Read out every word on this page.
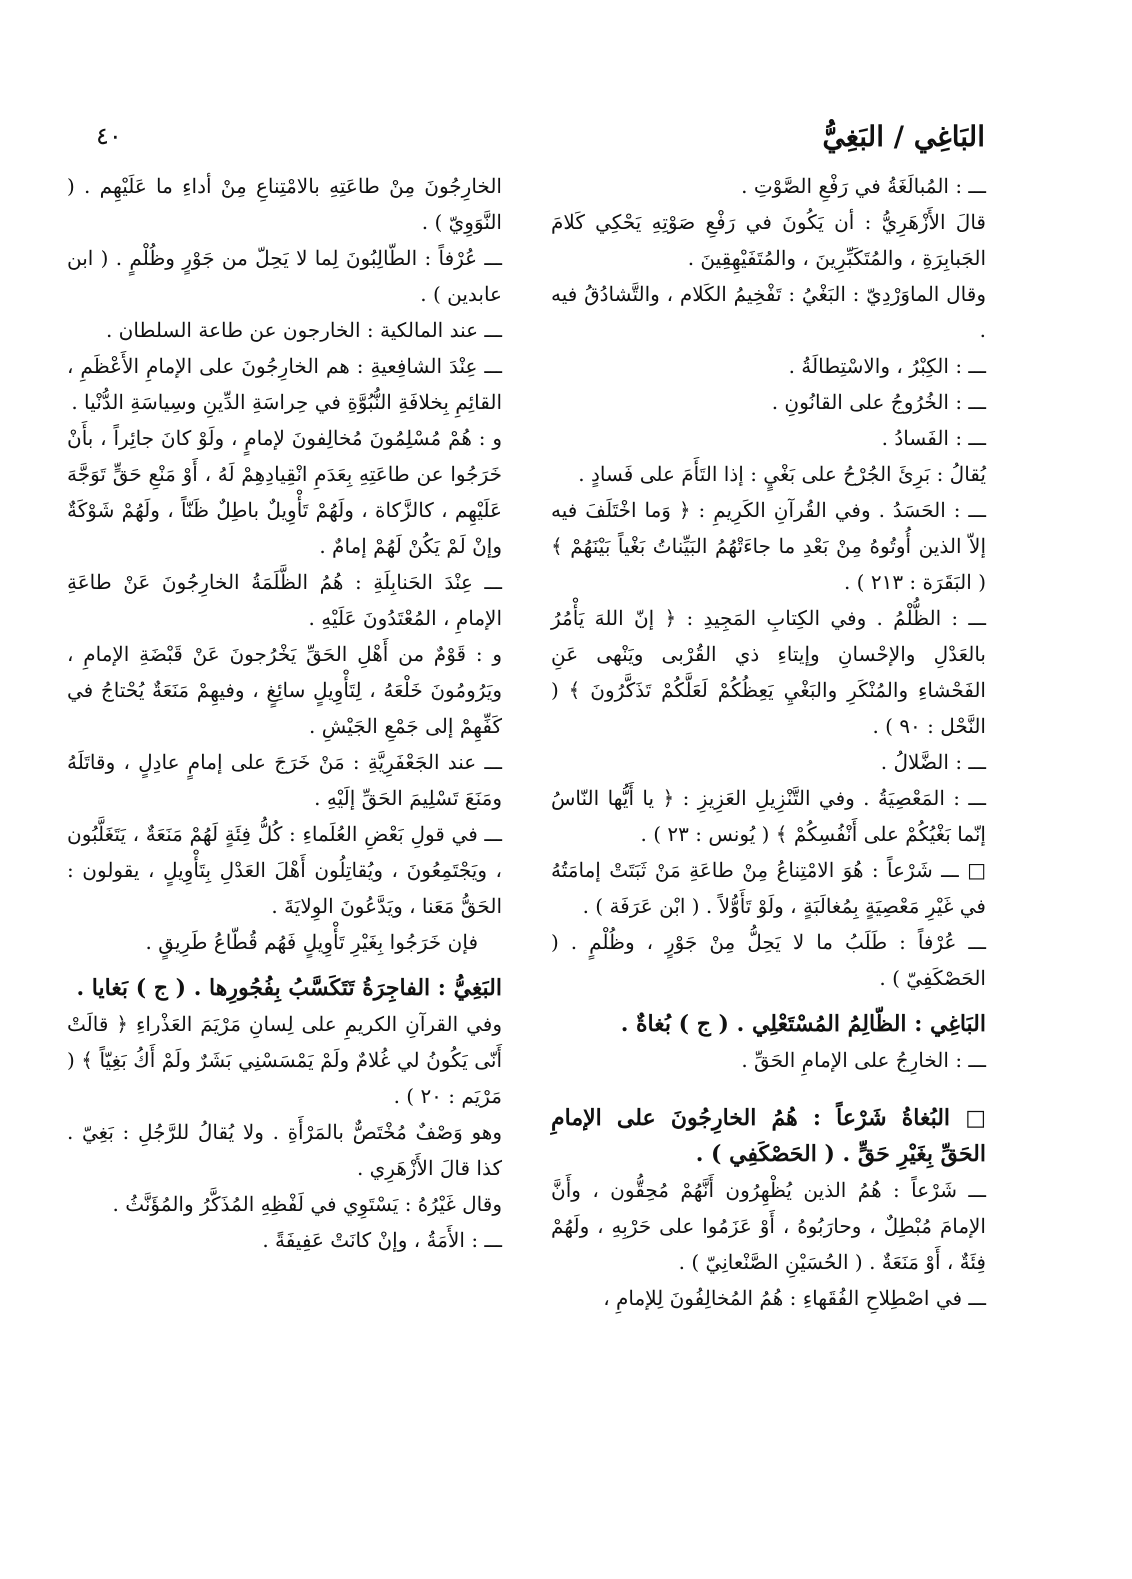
البَاغِي / البَغِيُّ
٤٠

ـــ : المُبالَغَةُ في رَفْعِ الصَّوْتِ .

قالَ الأَزْهَرِيُّ : أن يَكُونَ في رَفْعِ صَوْتِهِ يَحْكِي كَلامَ الجَبابِرَةِ ، والمُتَكَبِّرِينَ ، والمُتَفَيْهِقِينَ .

وقال الماوَرْدِيّ : البَغْيُ : تَفْخِيمُ الكَلام ، والتَّشادُقُ فيه .

ـــ : الكِبْرُ ، والاسْتِطالَةُ .

ـــ : الخُرُوجُ على القانُونِ .

ـــ : الفَسادُ .

يُقالُ : بَرِئَ الجُرْحُ على بَغْيٍ : إذا التَأَمَ على فَسادٍ .

ـــ : الحَسَدُ . وفي القُرآنِ الكَرِيمِ : ﴿ وَما اخْتَلَفَ فيه إلاّ الذين أُوتُوهُ مِنْ بَعْدِ ما جاءَتْهُمُ البَيِّناتُ بَغْياً بَيْنَهُمْ ﴾ ( البَقَرَة : ٢١٣ ) .

ـــ : الظُّلْمُ . وفي الكِتابِ المَجِيدِ : ﴿ إنّ اللهَ يَأْمُرُ بالعَدْلِ والإحْسانِ وإيتاءِ ذي القُرْبى ويَنْهى عَنِ الفَحْشاءِ والمُنْكَرِ والبَغْيِ يَعِظُكُمْ لَعَلَّكُمْ تَذَكَّرُونَ ﴾ ( النَّحْل : ٩٠ ) .

ـــ : الضَّلالُ .

ـــ : المَعْصِيَةُ . وفي التَّنْزِيلِ العَزِيزِ : ﴿ يا أَيُّها النّاسُ إنّما بَغْيُكُمْ على أَنْفُسِكُمْ ﴾ ( يُونس : ٢٣ ) .

□ ـــ شَرْعاً : هُوَ الامْتِناعُ مِنْ طاعَةِ مَنْ ثَبَتَتْ إمامَتُهُ في غَيْرِ مَعْصِيَةٍ بِمُغالَبَةٍ ، ولَوْ تَأَوُّلاً . ( ابْن عَرَفَة ) .

ـــ عُرْفاً : طَلَبُ ما لا يَحِلُّ مِنْ جَوْرٍ ، وظُلْمٍ . ( الحَصْكَفِيّ ) .

البَاغِي : الظّالِمُ المُسْتَعْلِي . ( ج ) بُغاةٌ .

ـــ : الخارِجُ على الإمامِ الحَقِّ .

□ البُغاةُ شَرْعاً : هُمُ الخارِجُونَ على الإمامِ الحَقِّ بِغَيْرِ حَقٍّ . ( الحَصْكَفِي ) .

ـــ شَرْعاً : هُمُ الذين يُظْهِرُون أَنَّهُمْ مُحِقُّون ، وأَنَّ الإمامَ مُبْطِلٌ ، وحارَبُوهُ ، أَوْ عَزَمُوا على حَرْبِهِ ، ولَهُمْ فِئَةٌ ، أَوْ مَنَعَةٌ . ( الحُسَيْنِ الصَّنْعانِيّ ) .

ـــ في اصْطِلاحِ الفُقَهاءِ : هُمُ المُخالِفُونَ لِلإمامِ ،

الخارِجُونَ مِنْ طاعَتِهِ بالامْتِناعِ مِنْ أداءِ ما عَلَيْهِم . ( النَّوَوِيّ ) .

ـــ عُرْفاً : الطّالِبُونَ لِما لا يَحِلّ من جَوْرٍ وظُلْمٍ . ( ابن عابدين ) .

ـــ عند المالكية : الخارجون عن طاعة السلطان .

ـــ عِنْدَ الشافِعيةِ : هم الخارِجُونَ على الإمامِ الأَعْظَمِ ، القائِمِ بِخلافَةِ النُّبُوَّةِ في حِراسَةِ الدِّينِ وسِياسَةِ الدُّنْيا .

و : هُمْ مُسْلِمُونَ مُخالِفونَ لإمامٍ ، ولَوْ كانَ جائِراً ، بأَنْ خَرَجُوا عن طاعَتِهِ بِعَدَمِ انْقِيادِهِمْ لَهُ ، أَوْ مَنْعِ حَقٍّ تَوَجَّهَ عَلَيْهِم ، كالزَّكاة ، ولَهُمْ تَأْوِيلٌ باطِلٌ ظَنّاً ، ولَهُمْ شَوْكَةٌ وإنْ لَمْ يَكُنْ لَهُمْ إمامٌ .

ـــ عِنْدَ الحَنابِلَةِ : هُمُ الظَّلَمَةُ الخارِجُونَ عَنْ طاعَةِ الإمامِ ، المُعْتَدُونَ عَلَيْهِ .

و : قَوْمٌ من أَهْلِ الحَقِّ يَخْرُجونَ عَنْ قَبْضَةِ الإمامِ ، ويَرُومُونَ خَلْعَهُ ، لِتَأْوِيلٍ سائِغٍ ، وفيهِمْ مَنَعَةٌ يُحْتاجُ في كَفِّهِمْ إلى جَمْعِ الجَيْشِ .

ـــ عند الجَعْفَرِيَّةِ : مَنْ خَرَجَ على إمامٍ عادِلٍ ، وقاتَلَهُ ومَنَعَ تَسْلِيمَ الحَقِّ إلَيْهِ .

ـــ في قولِ بَعْضِ العُلَماءِ : كُلُّ فِئَةٍ لَهُمْ مَنَعَةٌ ، يَتَغَلَّبُون ، ويَجْتَمِعُونَ ، ويُقاتِلُون أَهْلَ العَدْلِ بِتَأْوِيلٍ ، يقولون : الحَقُّ مَعَنا ، ويَدَّعُونَ الوِلايَةَ .

فإن خَرَجُوا بِغَيْرِ تَأْوِيلٍ فَهُم قُطّاعُ طَرِيقٍ .

البَغِيُّ : الفاجِرَةُ تَتَكَسَّبُ بِفُجُورِها . ( ج ) بَغايا .

وفي القرآنِ الكريمِ على لِسانِ مَرْيَمَ العَذْراءِ ﴿ قالَتْ أَنّى يَكُونُ لي غُلامٌ ولَمْ يَمْسَسْنِي بَشَرٌ ولَمْ أَكُ بَغِيّاً ﴾ ( مَرْيَم : ٢٠ ) .

وهو وَصْفٌ مُخْتَصٌّ بالمَرْأَةِ . ولا يُقالُ للرَّجُلِ : بَغِيّ . كذا قالَ الأَزْهَرِي .

وقال غَيْرُهُ : يَسْتَوِي في لَفْظِهِ المُذَكَّرُ والمُؤَنَّثُ .

ـــ : الأَمَةُ ، وإنْ كانَتْ عَفِيفَةً .
